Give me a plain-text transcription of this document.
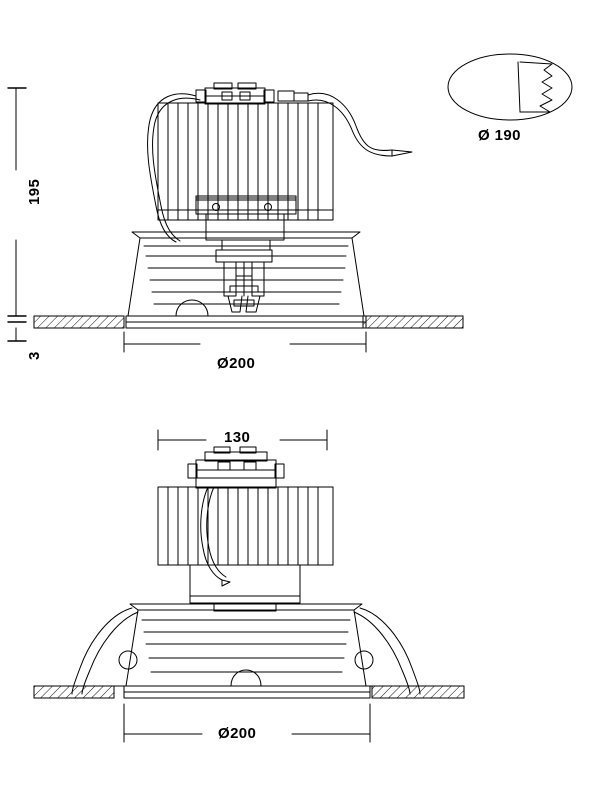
195
3	Ø200
130
Ø200
Ø 190
